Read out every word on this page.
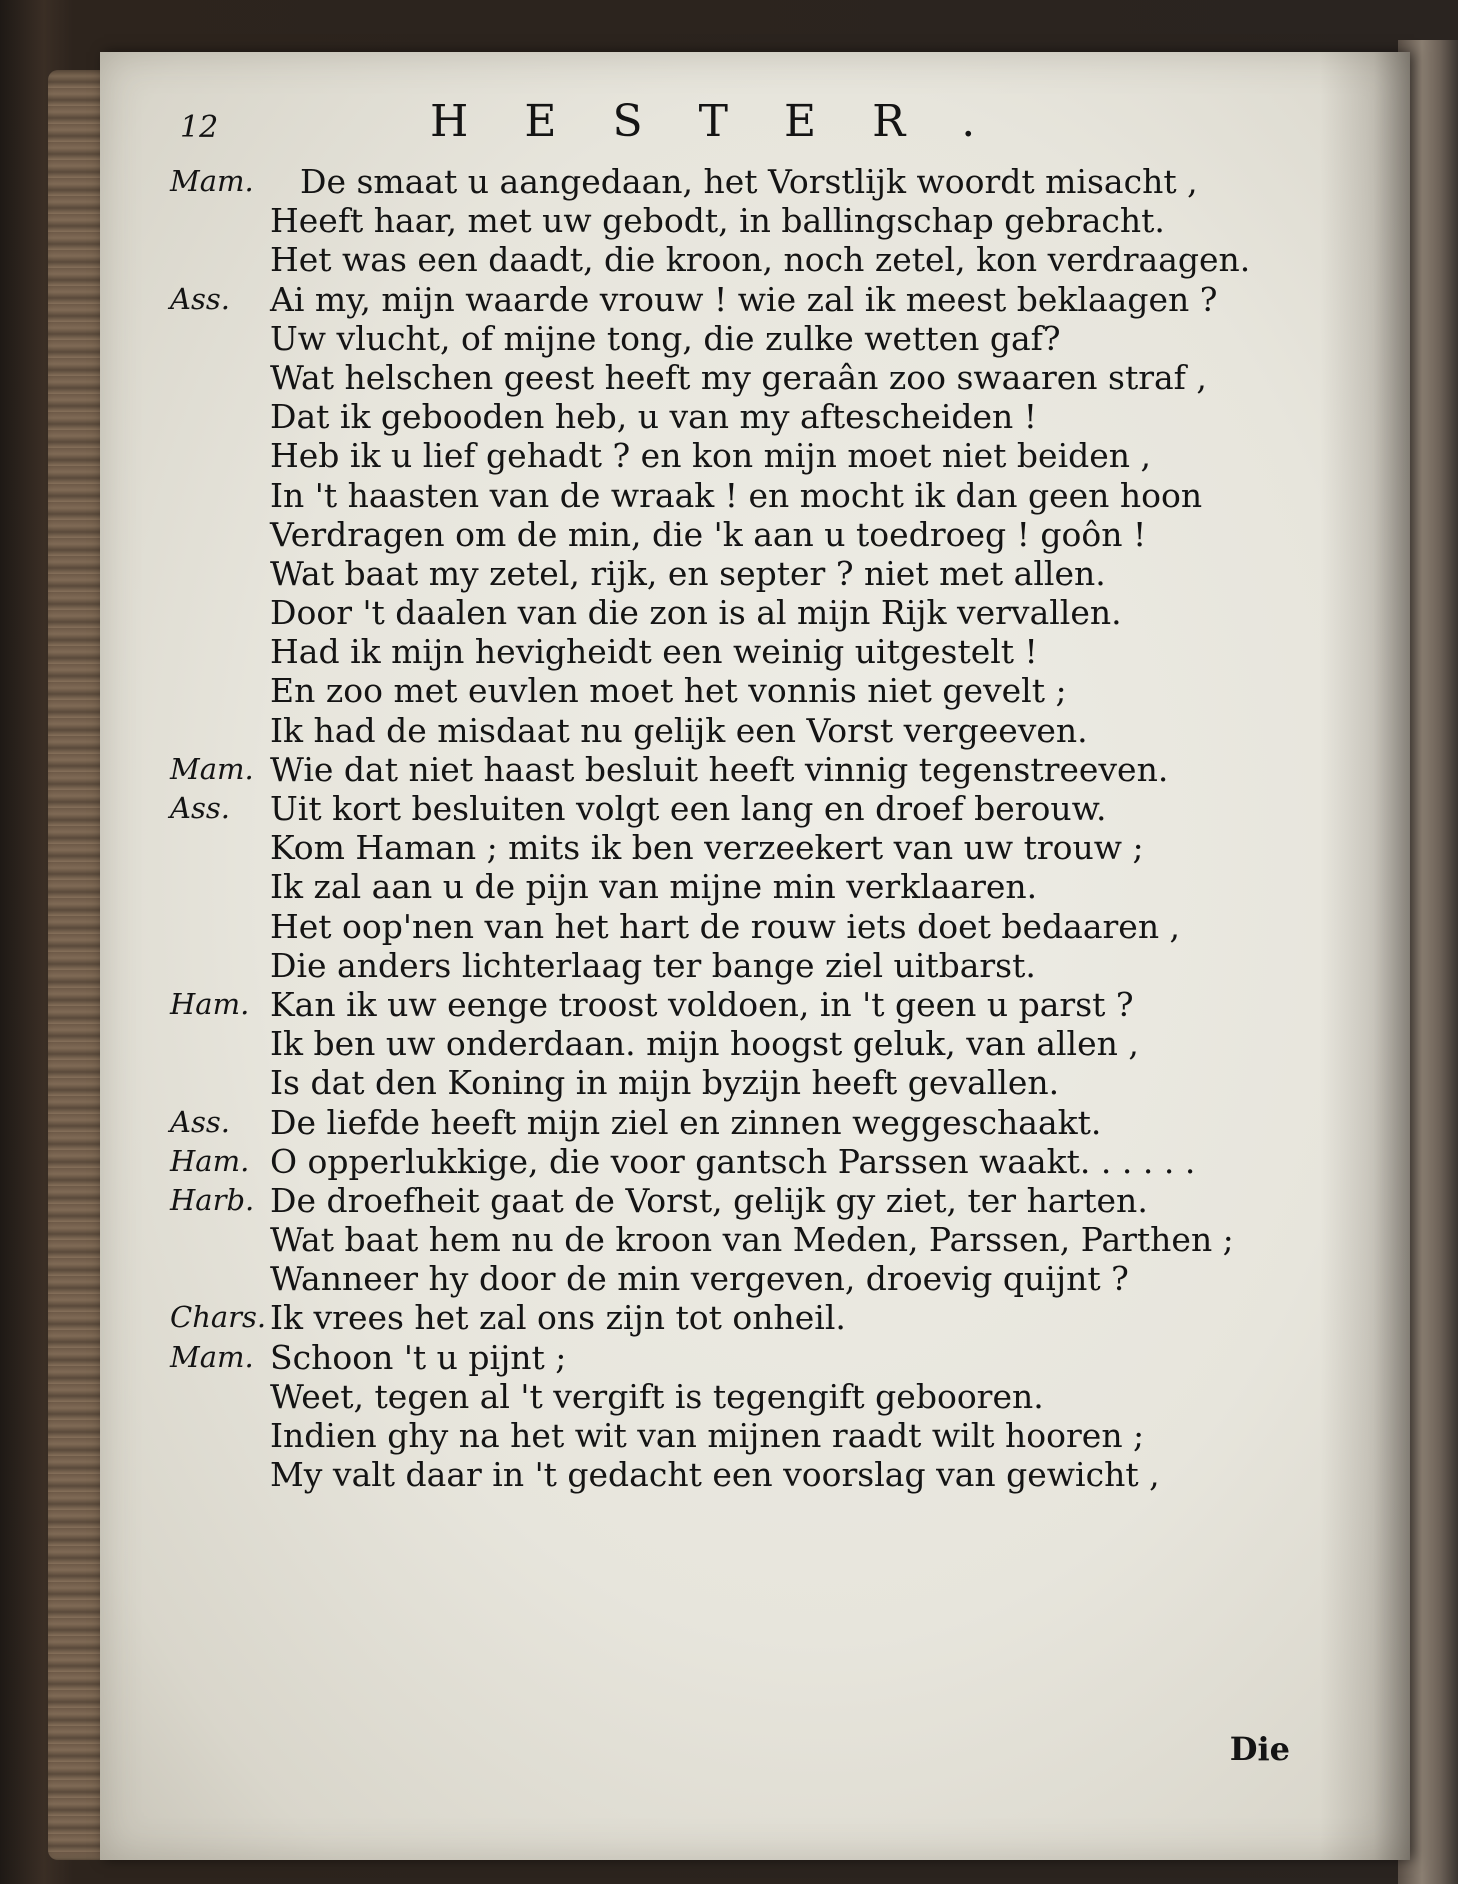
12	HESTER.
Mam. De smaat u aangedaan, het Vorstlijk woordt misacht ,
Heeft haar, met uw gebodt, in ballingschap gebracht.
Het was een daadt, die kroon, noch zetel, kon verdraagen.
Ass. Ai my, mijn waarde vrouw ! wie zal ik meest beklaagen ?
Uw vlucht, of mijne tong, die zulke wetten gaf?
Wat helschen geest heeft my geraân zoo swaaren straf ,
Dat ik gebooden heb, u van my aftescheiden !
Heb ik u lief gehadt ? en kon mijn moet niet beiden ,
In 't haasten van de wraak ! en mocht ik dan geen hoon
Verdragen om de min, die 'k aan u toedroeg ! goôn !
Wat baat my zetel, rijk, en septer ? niet met allen.
Door 't daalen van die zon is al mijn Rijk vervallen.
Had ik mijn hevigheidt een weinig uitgestelt !
En zoo met euvlen moet het vonnis niet gevelt ;
Ik had de misdaat nu gelijk een Vorst vergeeven.
Mam. Wie dat niet haast besluit heeft vinnig tegenstreeven.
Ass. Uit kort besluiten volgt een lang en droef berouw.
Kom Haman ; mits ik ben verzeekert van uw trouw ;
Ik zal aan u de pijn van mijne min verklaaren.
Het oop'nen van het hart de rouw iets doet bedaaren ,
Die anders lichterlaag ter bange ziel uitbarst.
Ham. Kan ik uw eenge troost voldoen, in 't geen u parst ?
Ik ben uw onderdaan. mijn hoogst geluk, van allen ,
Is dat den Koning in mijn byzijn heeft gevallen.
Ass. De liefde heeft mijn ziel en zinnen weggeschaakt.
Ham. O opperlukkige, die voor gantsch Parssen waakt. . . . . .
Harb. De droefheit gaat de Vorst, gelijk gy ziet, ter harten.
Wat baat hem nu de kroon van Meden, Parssen, Parthen ;
Wanneer hy door de min vergeven, droevig quijnt ?
Chars. Ik vrees het zal ons zijn tot onheil.
Mam. Schoon 't u pijnt ;
Weet, tegen al 't vergift is tegengift gebooren.
Indien ghy na het wit van mijnen raadt wilt hooren ;
My valt daar in 't gedacht een voorslag van gewicht ,
Die
